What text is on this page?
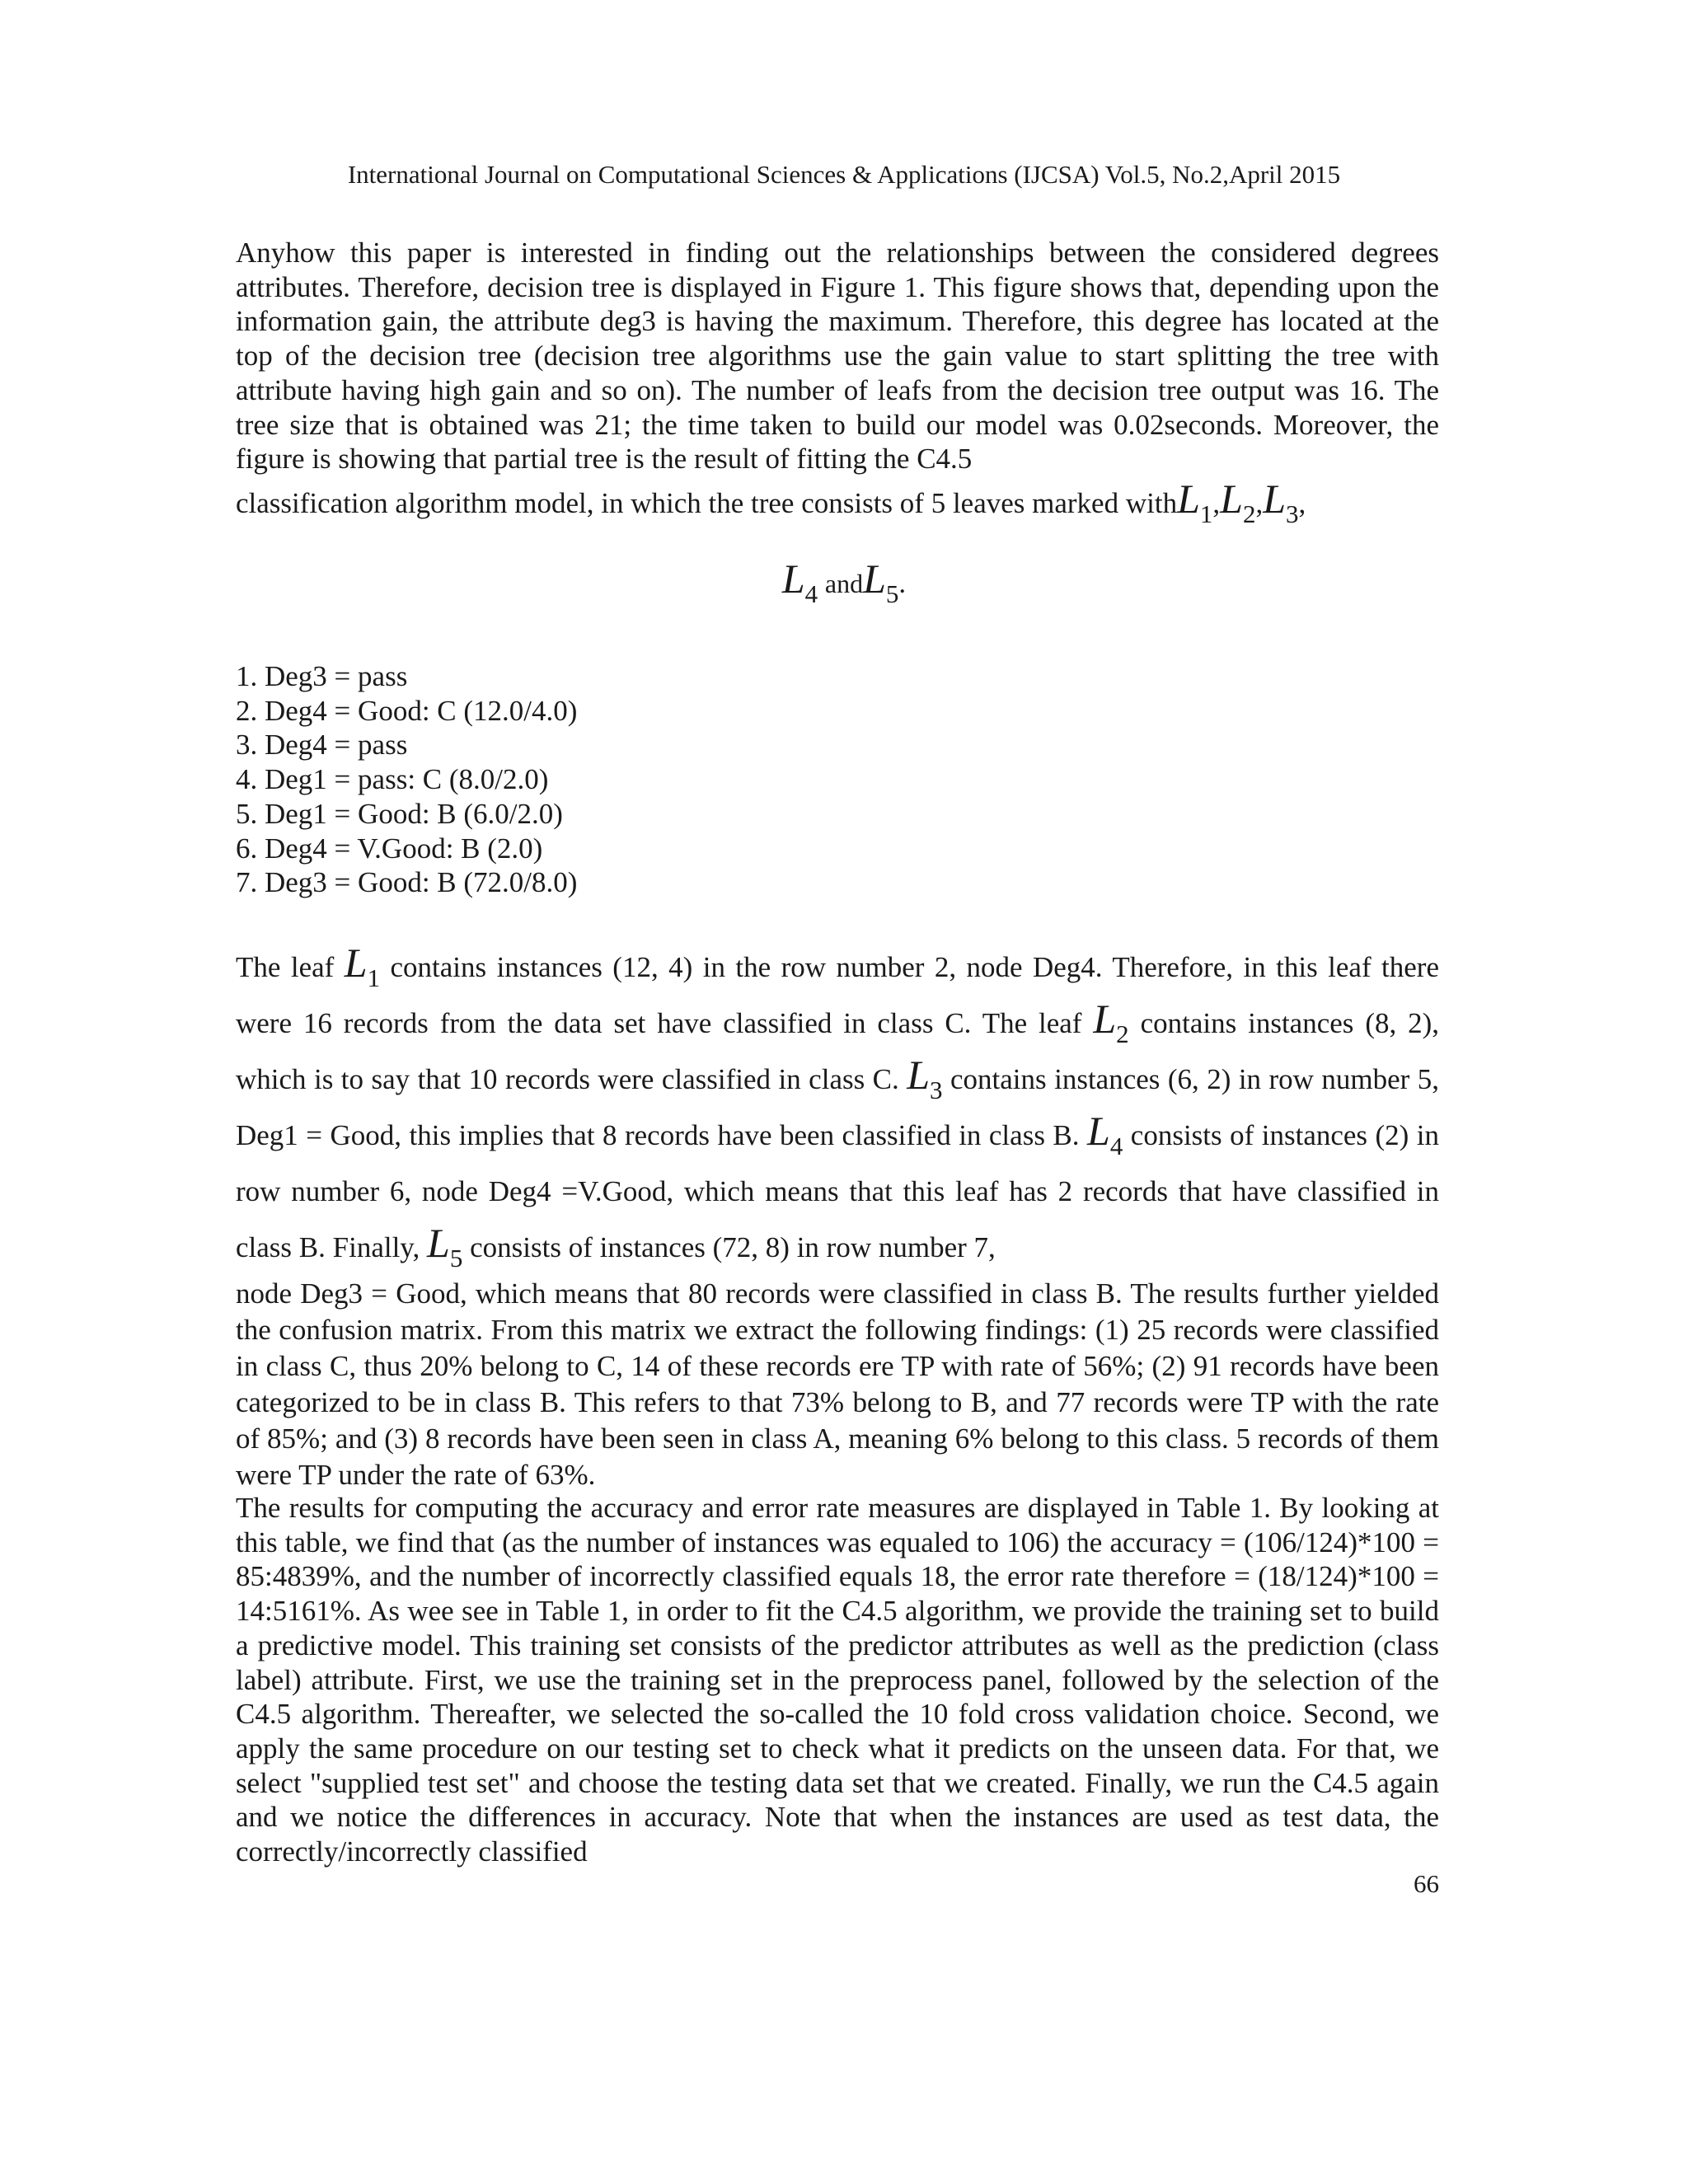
International Journal on Computational Sciences & Applications (IJCSA) Vol.5, No.2,April 2015
Anyhow this paper is interested in finding out the relationships between the considered degrees attributes. Therefore, decision tree is displayed in Figure 1. This figure shows that, depending upon the information gain, the attribute deg3 is having the maximum. Therefore, this degree has located at the top of the decision tree (decision tree algorithms use the gain value to start splitting the tree with attribute having high gain and so on). The number of leafs from the decision tree output was 16. The tree size that is obtained was 21; the time taken to build our model was 0.02seconds. Moreover, the figure is showing that partial tree is the result of fitting the C4.5
classification algorithm model, in which the tree consists of 5 leaves marked $withL_1,L_2,L_3$,
$L_4$ andL$_5$.
1. Deg3 = pass
2. Deg4 = Good: C (12.0/4.0)
3. Deg4 = pass
4. Deg1 = pass: C (8.0/2.0)
5. Deg1 = Good: B (6.0/2.0)
6. Deg4 = V.Good: B (2.0)
7. Deg3 = Good: B (72.0/8.0)
The leaf $L_1$ contains instances (12, 4) in the row number 2, node Deg4. Therefore, in this leaf there were 16 records from the data set have classified in class C. The leaf $L_2$ contains instances (8, 2), which is to say that 10 records were classified in class C. $L_3$ contains instances (6, 2) in row number 5, Deg1 = Good, this implies that 8 records have been classified in class B. $L_4$ consists of instances (2) in row number 6, node Deg4 =V.Good, which means that this leaf has 2 records that have classified in class B. Finally, $L_5$ consists of instances (72, 8) in row number 7,
node Deg3 = Good, which means that 80 records were classified in class B. The results further yielded the confusion matrix. From this matrix we extract the following findings: (1) 25 records were classified in class C, thus 20% belong to C, 14 of these records ere TP with rate of 56%; (2) 91 records have been categorized to be in class B. This refers to that 73% belong to B, and 77 records were TP with the rate of 85%; and (3) 8 records have been seen in class A, meaning 6% belong to this class. 5 records of them were TP under the rate of 63%.
The results for computing the accuracy and error rate measures are displayed in Table 1. By looking at this table, we find that (as the number of instances was equaled to 106) the accuracy = (106/124)*100 = 85:4839%, and the number of incorrectly classified equals 18, the error rate therefore = (18/124)*100 = 14:5161%. As wee see in Table 1, in order to fit the C4.5 algorithm, we provide the training set to build a predictive model. This training set consists of the predictor attributes as well as the prediction (class label) attribute. First, we use the training set in the preprocess panel, followed by the selection of the C4.5 algorithm. Thereafter, we selected the so-called the 10 fold cross validation choice. Second, we apply the same procedure on our testing set to check what it predicts on the unseen data. For that, we select "supplied test set" and choose the testing data set that we created. Finally, we run the C4.5 again and we notice the differences in accuracy. Note that when the instances are used as test data, the correctly/incorrectly classified
66
